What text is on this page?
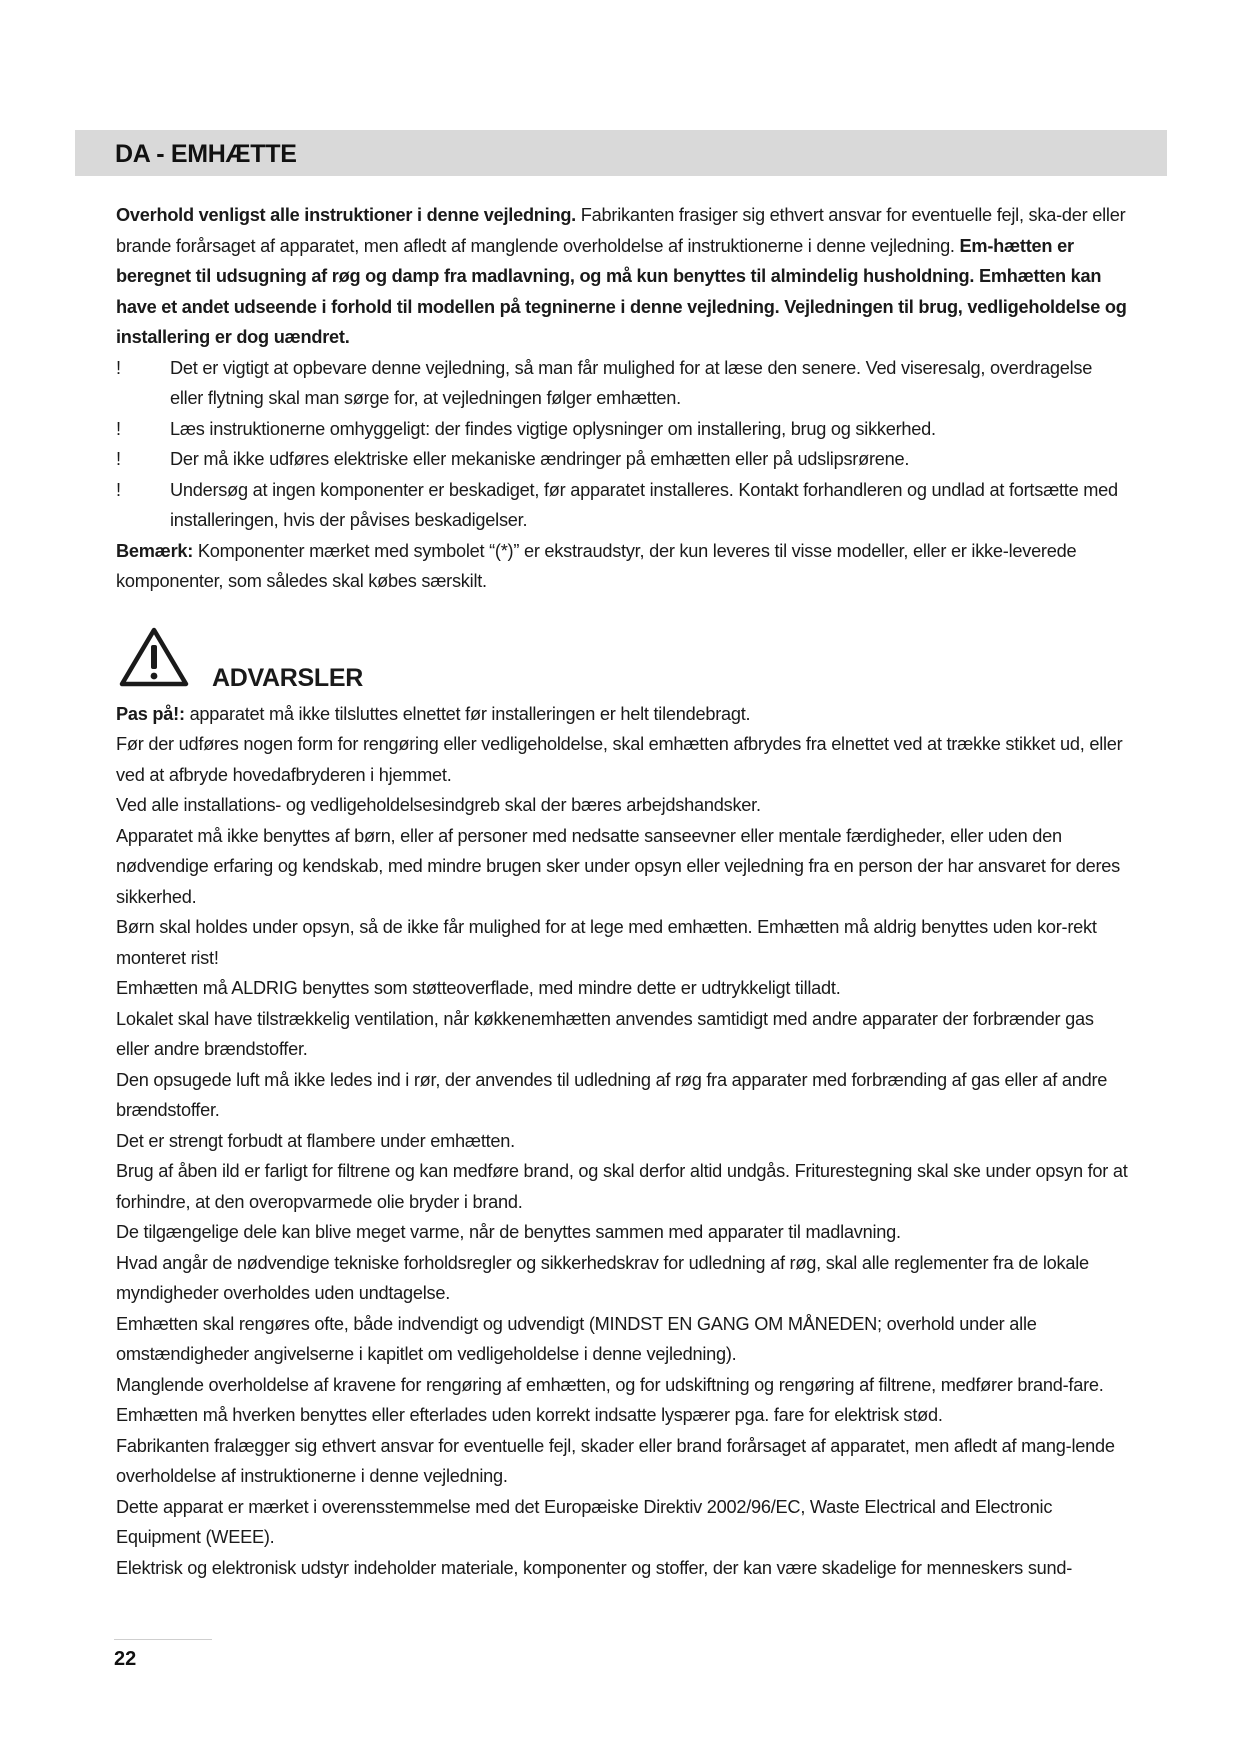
DA - EMHÆTTE

Overhold venligst alle instruktioner i denne vejledning. Fabrikanten frasiger sig ethvert ansvar for eventuelle fejl, ska-der eller brande forårsaget af apparatet, men afledt af manglende overholdelse af instruktionerne i denne vejledning. Em-hætten er beregnet til udsugning af røg og damp fra madlavning, og må kun benyttes til almindelig husholdning. Emhætten kan have et andet udseende i forhold til modellen på tegninerne i denne vejledning. Vejledningen til brug, vedligeholdelse og installering er dog uændret.

!	Det er vigtigt at opbevare denne vejledning, så man får mulighed for at læse den senere. Ved viseresalg, overdragelse eller flytning skal man sørge for, at vejledningen følger emhætten.
!	Læs instruktionerne omhyggeligt: der findes vigtige oplysninger om installering, brug og sikkerhed.
!	Der må ikke udføres elektriske eller mekaniske ændringer på emhætten eller på udslipsrørene.
!	Undersøg at ingen komponenter er beskadiget, før apparatet installeres. Kontakt forhandleren og undlad at fortsætte med installeringen, hvis der påvises beskadigelser.

Bemærk: Komponenter mærket med symbolet “(*)” er ekstraudstyr, der kun leveres til visse modeller, eller er ikke-leverede komponenter, som således skal købes særskilt.

ADVARSLER

Pas på!: apparatet må ikke tilsluttes elnettet før installeringen er helt tilendebragt.

Før der udføres nogen form for rengøring eller vedligeholdelse, skal emhætten afbrydes fra elnettet ved at trække stikket ud, eller ved at afbryde hovedafbryderen i hjemmet.

Ved alle installations- og vedligeholdelsesindgreb skal der bæres arbejdshandsker.

Apparatet må ikke benyttes af børn, eller af personer med nedsatte sanseevner eller mentale færdigheder, eller uden den nødvendige erfaring og kendskab, med mindre brugen sker under opsyn eller vejledning fra en person der har ansvaret for deres sikkerhed.

Børn skal holdes under opsyn, så de ikke får mulighed for at lege med emhætten. Emhætten må aldrig benyttes uden kor-rekt monteret rist!

Emhætten må ALDRIG benyttes som støtteoverflade, med mindre dette er udtrykkeligt tilladt.

Lokalet skal have tilstrækkelig ventilation, når køkkenemhætten anvendes samtidigt med andre apparater der forbrænder gas eller andre brændstoffer.

Den opsugede luft må ikke ledes ind i rør, der anvendes til udledning af røg fra apparater med forbrænding af gas eller af andre brændstoffer.

Det er strengt forbudt at flambere under emhætten.

Brug af åben ild er farligt for filtrene og kan medføre brand, og skal derfor altid undgås. Friturestegning skal ske under opsyn for at forhindre, at den overopvarmede olie bryder i brand.

De tilgængelige dele kan blive meget varme, når de benyttes sammen med apparater til madlavning.

Hvad angår de nødvendige tekniske forholdsregler og sikkerhedskrav for udledning af røg, skal alle reglementer fra de lokale myndigheder overholdes uden undtagelse.

Emhætten skal rengøres ofte, både indvendigt og udvendigt (MINDST EN GANG OM MÅNEDEN; overhold under alle omstændigheder angivelserne i kapitlet om vedligeholdelse i denne vejledning).

Manglende overholdelse af kravene for rengøring af emhætten, og for udskiftning og rengøring af filtrene, medfører brand-fare.

Emhætten må hverken benyttes eller efterlades uden korrekt indsatte lyspærer pga. fare for elektrisk stød.

Fabrikanten fralægger sig ethvert ansvar for eventuelle fejl, skader eller brand forårsaget af apparatet, men afledt af mang-lende overholdelse af instruktionerne i denne vejledning.

Dette apparat er mærket i overensstemmelse med det Europæiske Direktiv 2002/96/EC, Waste Electrical and Electronic Equipment (WEEE).

Elektrisk og elektronisk udstyr indeholder materiale, komponenter og stoffer, der kan være skadelige for menneskers sund-

22
